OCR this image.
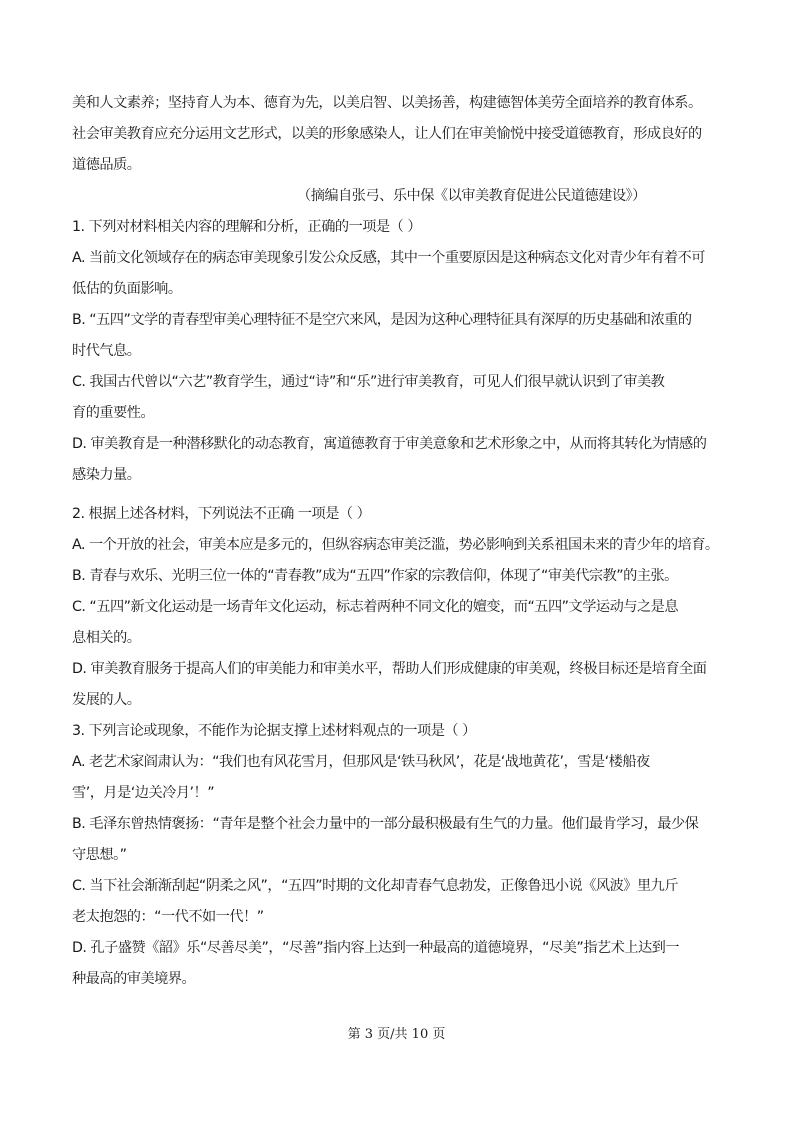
美和人文素养；坚持育人为本、德育为先，以美启智、以美扬善，构建德智体美劳全面培养的教育体系。
社会审美教育应充分运用文艺形式，以美的形象感染人，让人们在审美愉悦中接受道德教育，形成良好的
道德品质。
（摘编自张弓、乐中保《以审美教育促进公民道德建设》）
1. 下列对材料相关内容的理解和分析，正确的一项是（ ）
A. 当前文化领域存在的病态审美现象引发公众反感，其中一个重要原因是这种病态文化对青少年有着不可
低估的负面影响。
B. “五四”文学的青春型审美心理特征不是空穴来风，是因为这种心理特征具有深厚的历史基础和浓重的
时代气息。
C. 我国古代曾以“六艺”教育学生，通过“诗”和“乐”进行审美教育，可见人们很早就认识到了审美教
育的重要性。
D. 审美教育是一种潜移默化的动态教育，寓道德教育于审美意象和艺术形象之中，从而将其转化为情感的
感染力量。
2. 根据上述各材料，下列说法不正确 一项是（ ）
A. 一个开放的社会，审美本应是多元的，但纵容病态审美泛滥，势必影响到关系祖国未来的青少年的培育。
B. 青春与欢乐、光明三位一体的“青春教”成为“五四”作家的宗教信仰，体现了“审美代宗教”的主张。
C. “五四”新文化运动是一场青年文化运动，标志着两种不同文化的嬗变，而“五四”文学运动与之是息
息相关的。
D. 审美教育服务于提高人们的审美能力和审美水平，帮助人们形成健康的审美观，终极目标还是培育全面
发展的人。
3. 下列言论或现象，不能作为论据支撑上述材料观点的一项是（ ）
A. 老艺术家阎肃认为：“我们也有风花雪月，但那风是‘铁马秋风’，花是‘战地黄花’，雪是‘楼船夜
雪’，月是‘边关冷月’！”
B. 毛泽东曾热情褒扬：“青年是整个社会力量中的一部分最积极最有生气的力量。他们最肯学习，最少保
守思想。”
C. 当下社会渐渐刮起“阴柔之风”，“五四”时期的文化却青春气息勃发，正像鲁迅小说《风波》里九斤
老太抱怨的：“一代不如一代！”
D. 孔子盛赞《韶》乐“尽善尽美”，“尽善”指内容上达到一种最高的道德境界，“尽美”指艺术上达到一
种最高的审美境界。
第 3 页/共 10 页
